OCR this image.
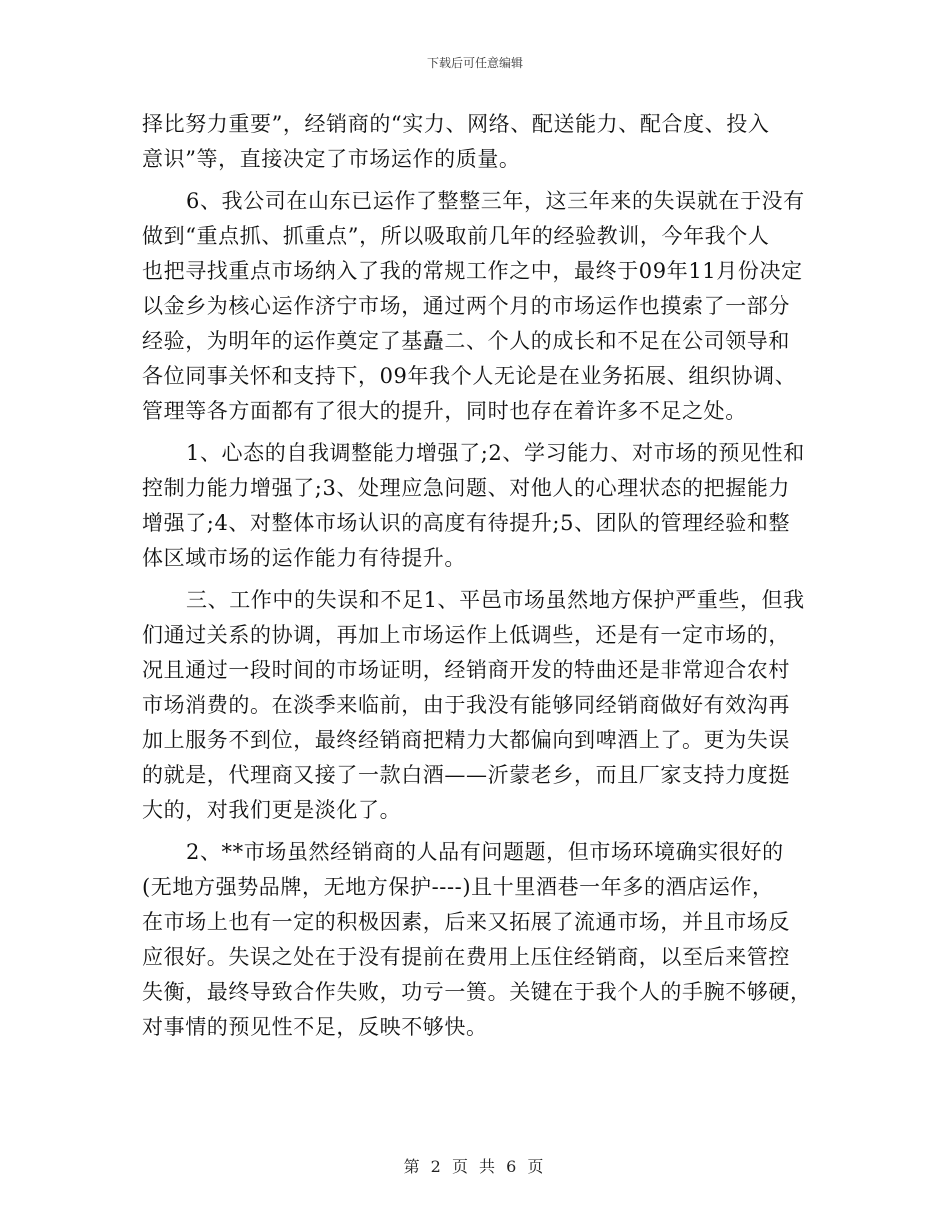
下载后可任意编辑
择比努力重要”，经销商的“实力、网络、配送能力、配合度、投入
意识”等，直接决定了市场运作的质量。
6、我公司在山东已运作了整整三年，这三年来的失误就在于没有
做到“重点抓、抓重点”，所以吸取前几年的经验教训，今年我个人
也把寻找重点市场纳入了我的常规工作之中，最终于09年11月份决定
以金乡为核心运作济宁市场，通过两个月的市场运作也摸索了一部分
经验，为明年的运作奠定了基矗二、个人的成长和不足在公司领导和
各位同事关怀和支持下，09年我个人无论是在业务拓展、组织协调、
管理等各方面都有了很大的提升，同时也存在着许多不足之处。
1、心态的自我调整能力增强了;2、学习能力、对市场的预见性和
控制力能力增强了;3、处理应急问题、对他人的心理状态的把握能力
增强了;4、对整体市场认识的高度有待提升;5、团队的管理经验和整
体区域市场的运作能力有待提升。
三、工作中的失误和不足1、平邑市场虽然地方保护严重些，但我
们通过关系的协调，再加上市场运作上低调些，还是有一定市场的，
况且通过一段时间的市场证明，经销商开发的特曲还是非常迎合农村
市场消费的。在淡季来临前，由于我没有能够同经销商做好有效沟再
加上服务不到位，最终经销商把精力大都偏向到啤酒上了。更为失误
的就是，代理商又接了一款白酒——沂蒙老乡，而且厂家支持力度挺
大的，对我们更是淡化了。
2、**市场虽然经销商的人品有问题题，但市场环境确实很好的
(无地方强势品牌，无地方保护----)且十里酒巷一年多的酒店运作，
在市场上也有一定的积极因素，后来又拓展了流通市场，并且市场反
应很好。失误之处在于没有提前在费用上压住经销商，以至后来管控
失衡，最终导致合作失败，功亏一篑。关键在于我个人的手腕不够硬，
对事情的预见性不足，反映不够快。
第 2 页 共 6 页
